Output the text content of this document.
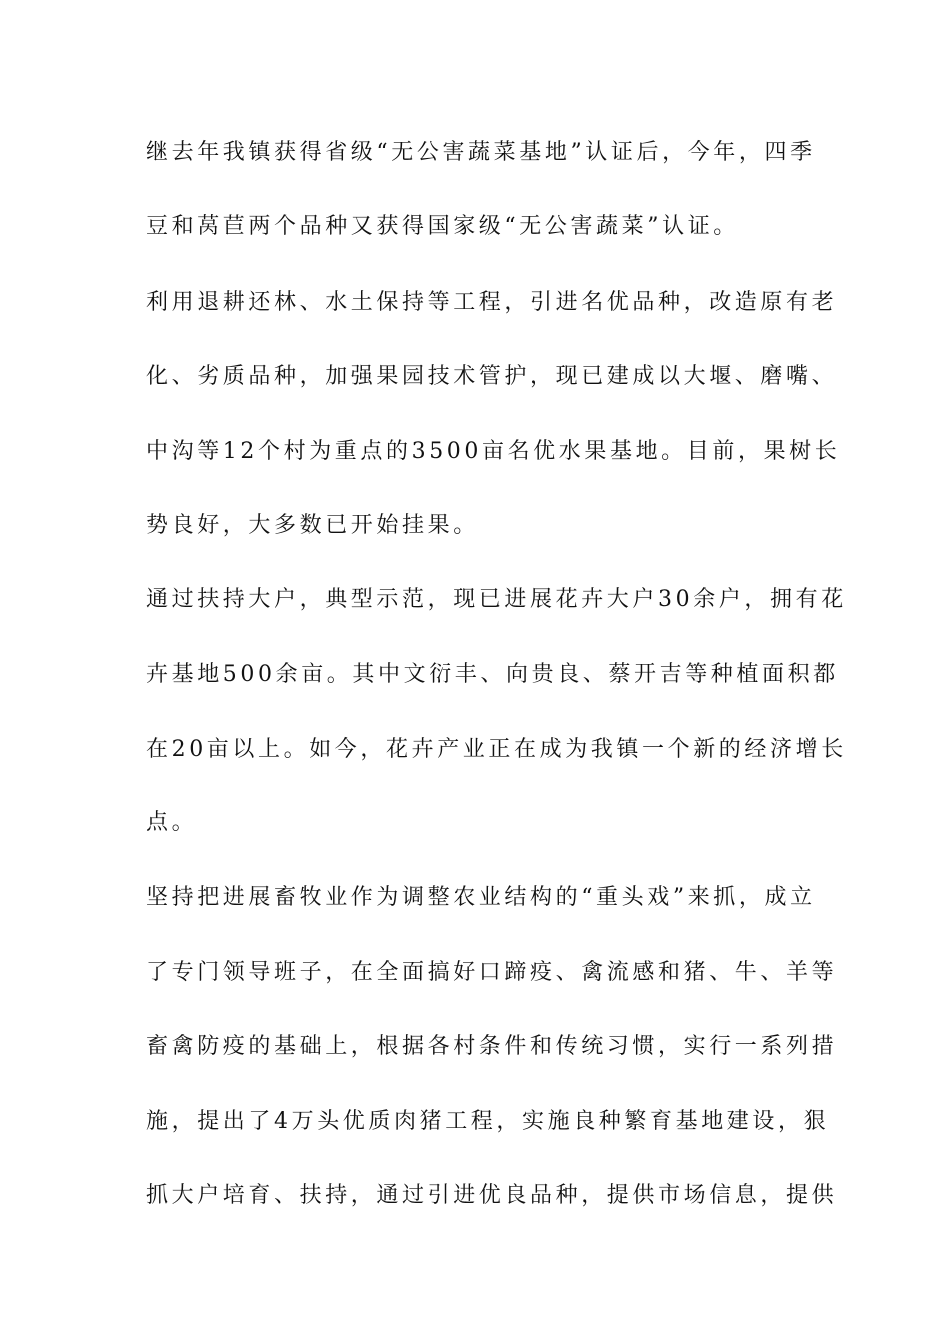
继去年我镇获得省级“无公害蔬菜基地”认证后，今年，四季
豆和莴苣两个品种又获得国家级“无公害蔬菜”认证。
利用退耕还林、水土保持等工程，引进名优品种，改造原有老
化、劣质品种，加强果园技术管护，现已建成以大堰、磨嘴、
中沟等12个村为重点的3500亩名优水果基地。目前，果树长
势良好，大多数已开始挂果。
通过扶持大户，典型示范，现已进展花卉大户30余户，拥有花
卉基地500余亩。其中文衍丰、向贵良、蔡开吉等种植面积都
在20亩以上。如今，花卉产业正在成为我镇一个新的经济增长
点。
坚持把进展畜牧业作为调整农业结构的“重头戏”来抓，成立
了专门领导班子，在全面搞好口蹄疫、禽流感和猪、牛、羊等
畜禽防疫的基础上，根据各村条件和传统习惯，实行一系列措
施，提出了4万头优质肉猪工程，实施良种繁育基地建设，狠
抓大户培育、扶持，通过引进优良品种，提供市场信息，提供
